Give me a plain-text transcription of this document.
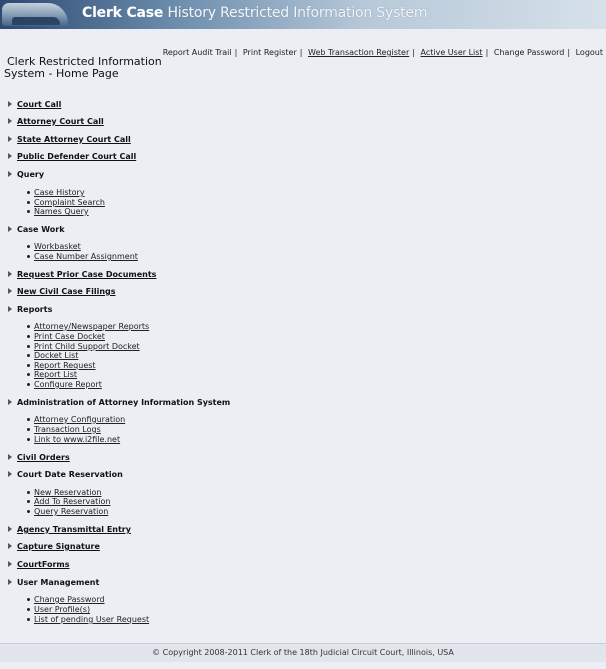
Clerk Case History Restricted Information System
Clerk Restricted Information
System - Home Page
Report Audit Trail | Print Register | Web Transaction Register | Active User List | Change Password | Logout
Court Call
Attorney Court Call
State Attorney Court Call
Public Defender Court Call
Query
Case History
Complaint Search
Names Query
Case Work
Workbasket
Case Number Assignment
Request Prior Case Documents
New Civil Case Filings
Reports
Attorney/Newspaper Reports
Print Case Docket
Print Child Support Docket
Docket List
Report Request
Report List
Configure Report
Administration of Attorney Information System
Attorney Configuration
Transaction Logs
Link to www.i2file.net
Civil Orders
Court Date Reservation
New Reservation
Add To Reservation
Query Reservation
Agency Transmittal Entry
Capture Signature
CourtForms
User Management
Change Password
User Profile(s)
List of pending User Request
© Copyright 2008-2011 Clerk of the 18th Judicial Circuit Court, Illinois, USA
